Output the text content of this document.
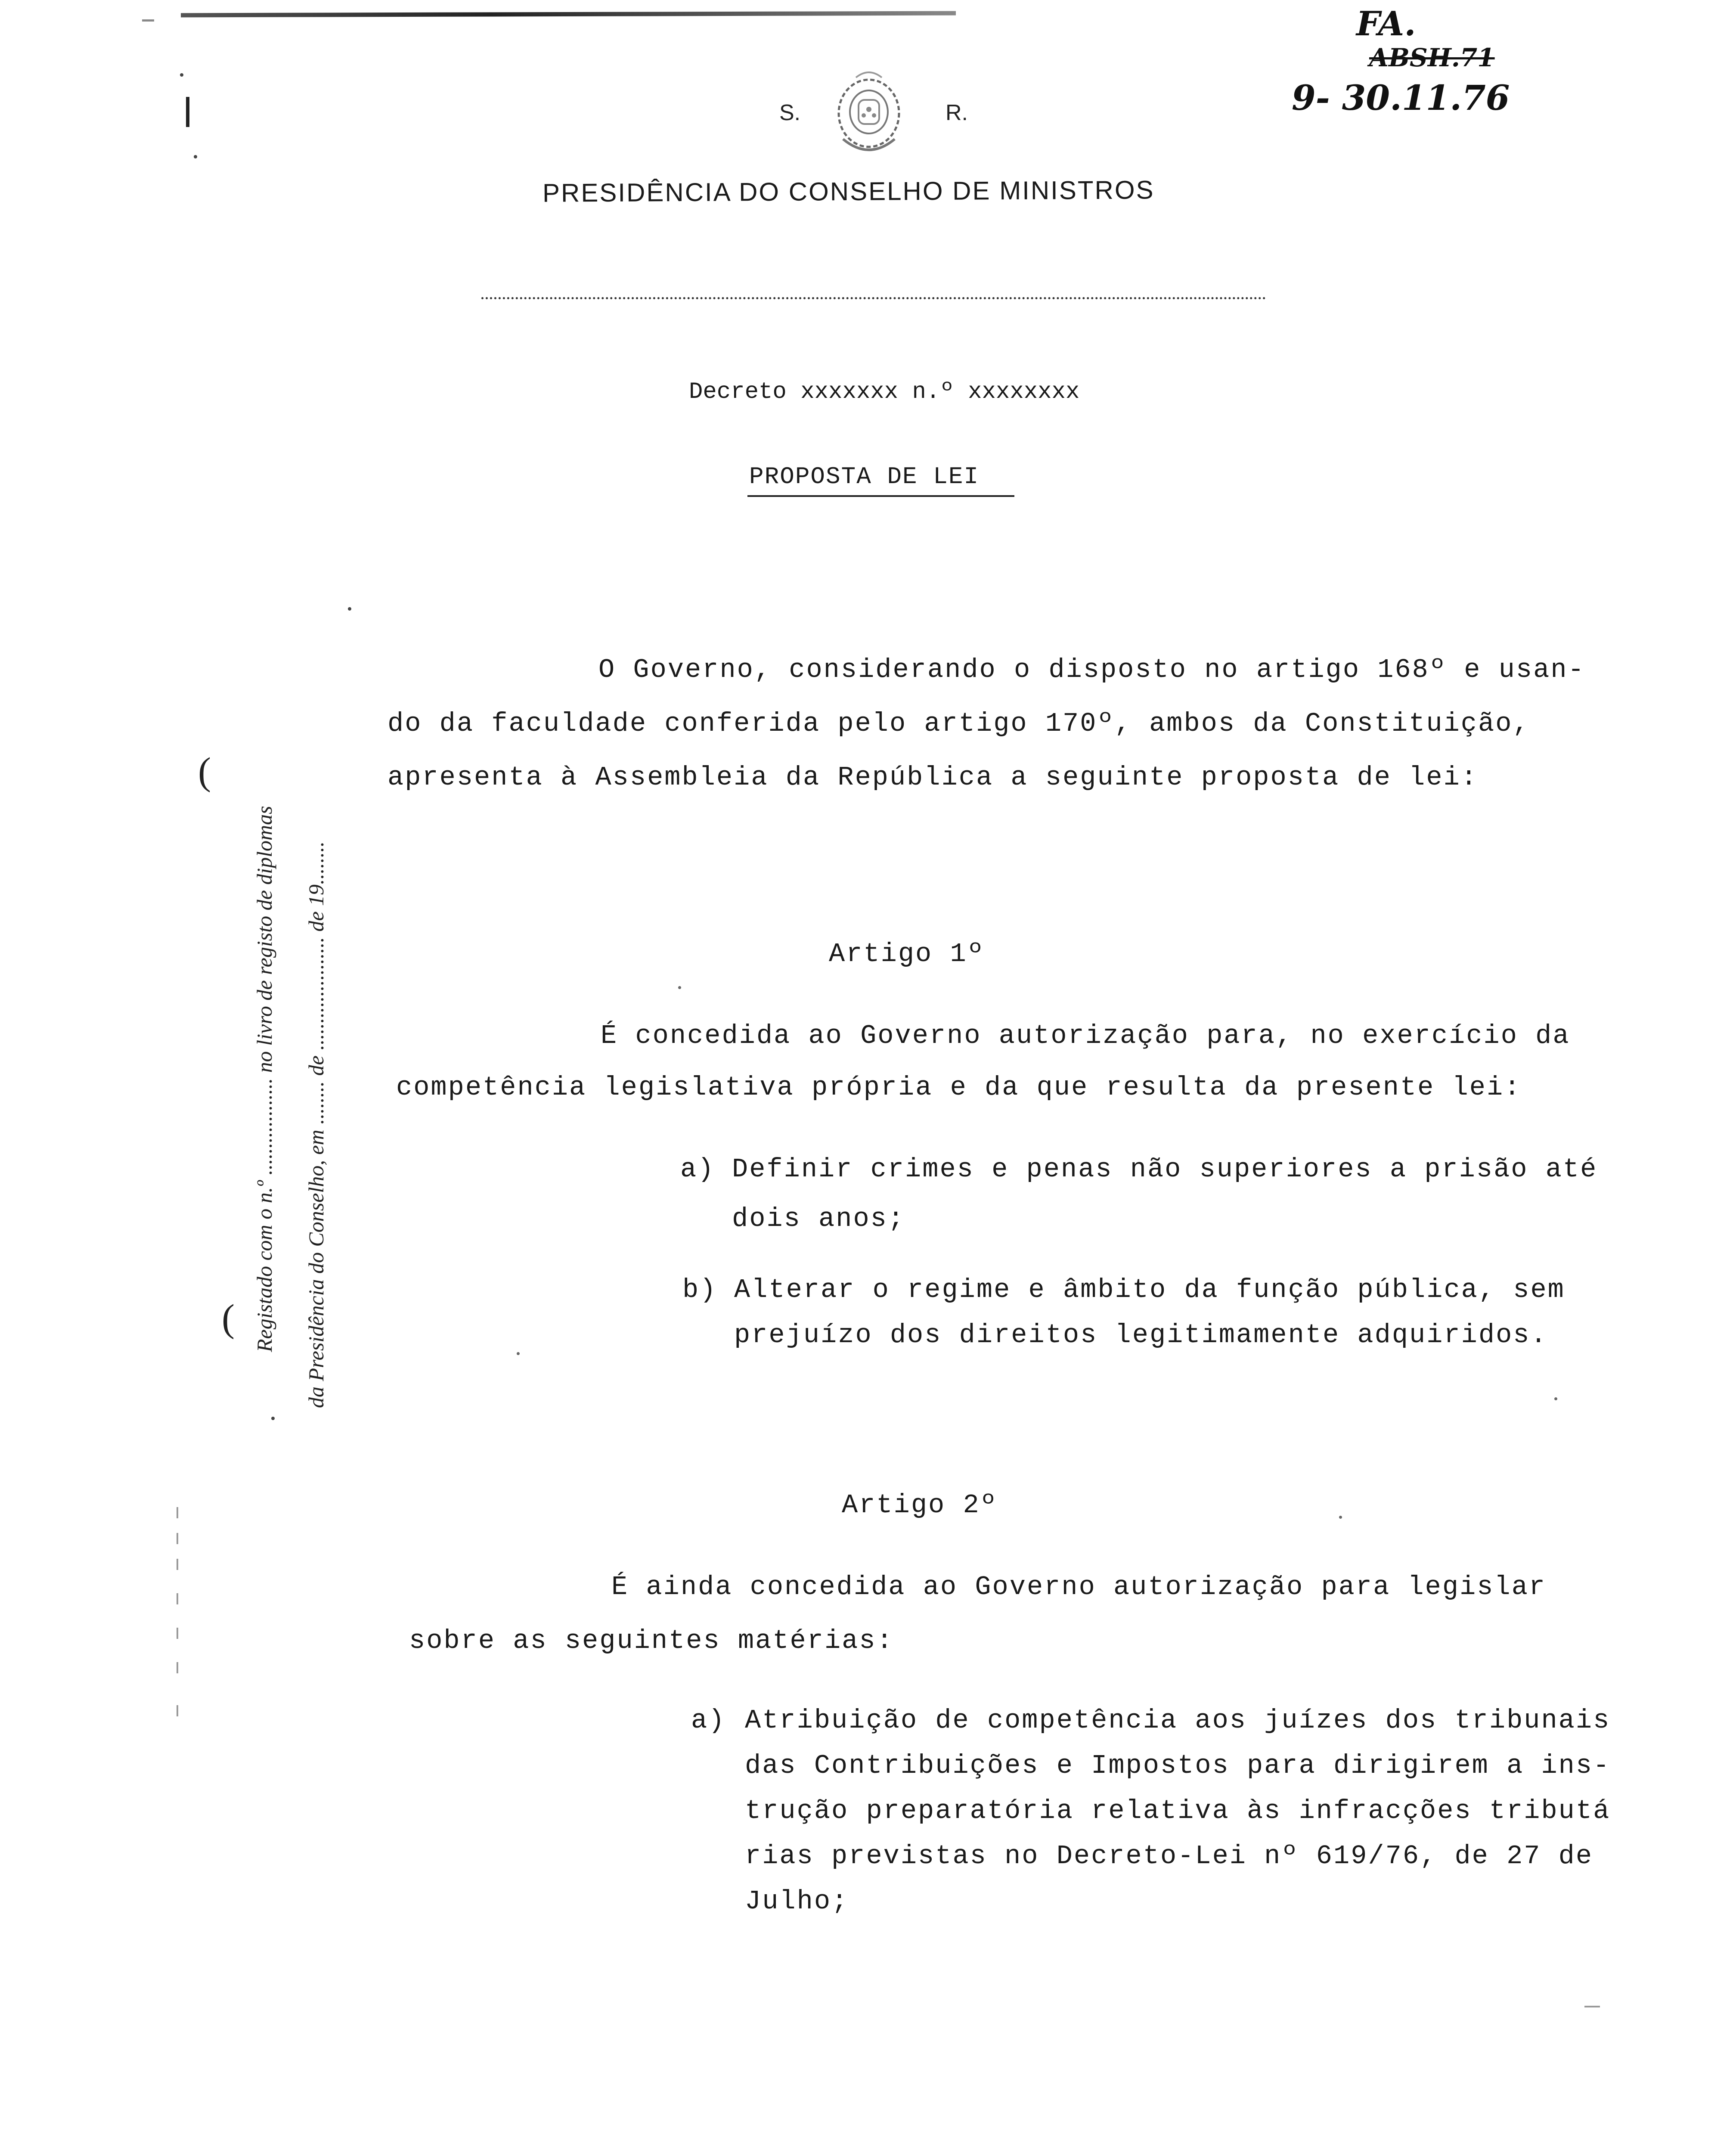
FA.
ABSH.71
9- 30.11.76
S.	R.
PRESIDÊNCIA DO CONSELHO DE MINISTROS
Decreto xxxxxxx n.º xxxxxxxx
PROPOSTA DE LEI
(
(
Registado com o n.º .................. no livro de registo de diplomas da Presidência do Conselho, em ........ de ..................... de 19........
O Governo, considerando o disposto no artigo 168º e usan-
do da faculdade conferida pelo artigo 170º, ambos da Constituição,
apresenta à Assembleia da República a seguinte proposta de lei:
Artigo 1º
É concedida ao Governo autorização para, no exercício da
competência legislativa própria e da que resulta da presente lei:
a) Definir crimes e penas não superiores a prisão até
dois anos;
b) Alterar o regime e âmbito da função pública, sem
prejuízo dos direitos legitimamente adquiridos.
Artigo 2º
É ainda concedida ao Governo autorização para legislar
sobre as seguintes matérias:
a) Atribuição de competência aos juízes dos tribunais
das Contribuições e Impostos para dirigirem a ins-
trução preparatória relativa às infracções tributá
rias previstas no Decreto-Lei nº 619/76, de 27 de
Julho;
